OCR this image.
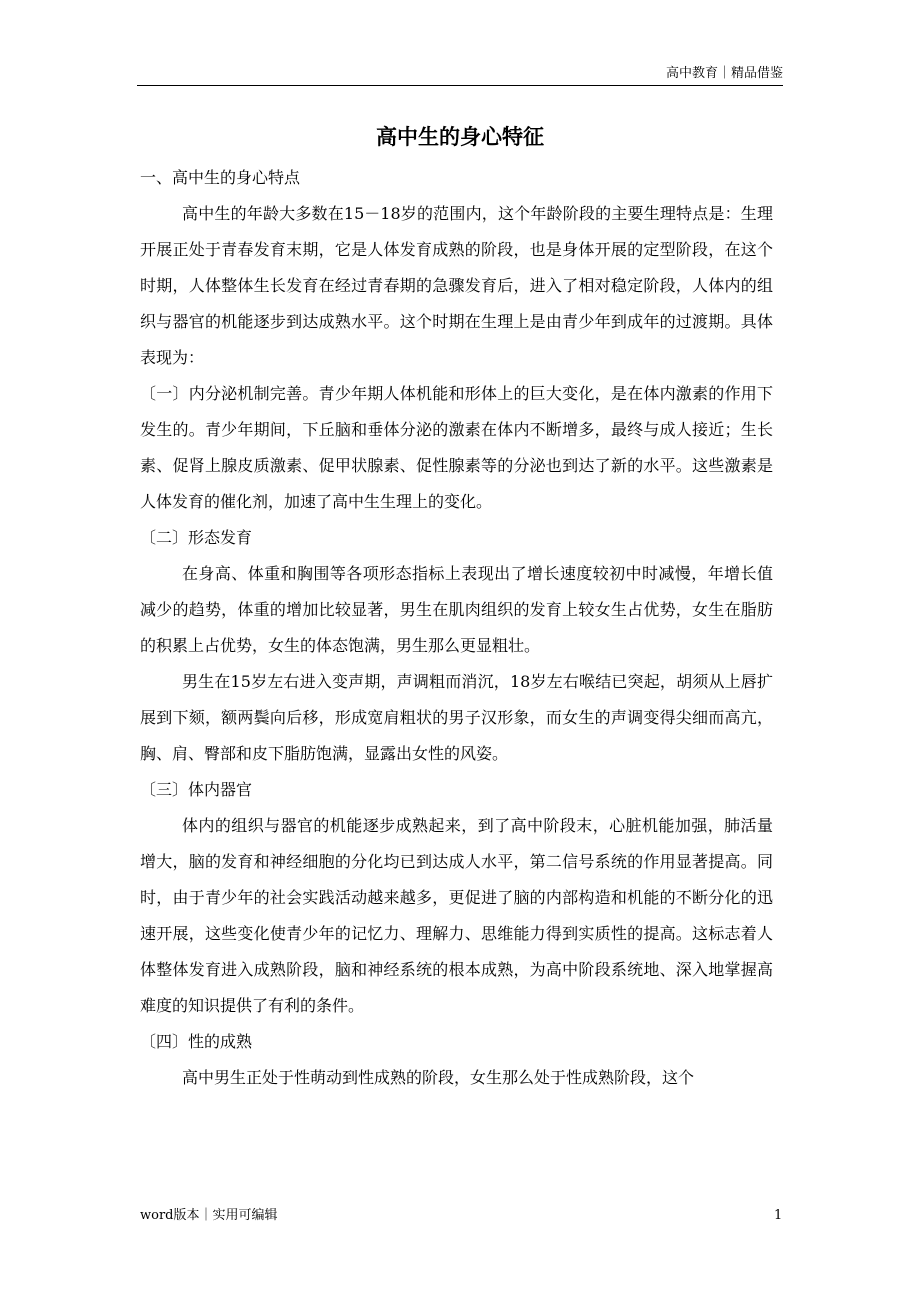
高中教育｜精品借鉴
高中生的身心特征

一、高中生的身心特点

高中生的年龄大多数在15－18岁的范围内，这个年龄阶段的主要生理特点是：生理开展正处于青春发育末期，它是人体发育成熟的阶段，也是身体开展的定型阶段，在这个时期，人体整体生长发育在经过青春期的急骤发育后，进入了相对稳定阶段，人体内的组织与器官的机能逐步到达成熟水平。这个时期在生理上是由青少年到成年的过渡期。具体表现为：

〔一〕内分泌机制完善。青少年期人体机能和形体上的巨大变化，是在体内激素的作用下发生的。青少年期间，下丘脑和垂体分泌的激素在体内不断增多，最终与成人接近；生长素、促肾上腺皮质激素、促甲状腺素、促性腺素等的分泌也到达了新的水平。这些激素是人体发育的催化剂，加速了高中生生理上的变化。

〔二〕形态发育

在身高、体重和胸围等各项形态指标上表现出了增长速度较初中时减慢，年增长值减少的趋势，体重的增加比较显著，男生在肌肉组织的发育上较女生占优势，女生在脂肪的积累上占优势，女生的体态饱满，男生那么更显粗壮。

男生在15岁左右进入变声期，声调粗而消沉，18岁左右喉结已突起，胡须从上唇扩展到下颏，额两鬓向后移，形成宽肩粗状的男子汉形象，而女生的声调变得尖细而高亢，胸、肩、臀部和皮下脂肪饱满，显露出女性的风姿。

〔三〕体内器官

体内的组织与器官的机能逐步成熟起来，到了高中阶段末，心脏机能加强，肺活量增大，脑的发育和神经细胞的分化均已到达成人水平，第二信号系统的作用显著提高。同时，由于青少年的社会实践活动越来越多，更促进了脑的内部构造和机能的不断分化的迅速开展，这些变化使青少年的记忆力、理解力、思维能力得到实质性的提高。这标志着人体整体发育进入成熟阶段，脑和神经系统的根本成熟，为高中阶段系统地、深入地掌握高难度的知识提供了有利的条件。

〔四〕性的成熟

高中男生正处于性萌动到性成熟的阶段，女生那么处于性成熟阶段，这个

word版本｜实用可编辑	1
